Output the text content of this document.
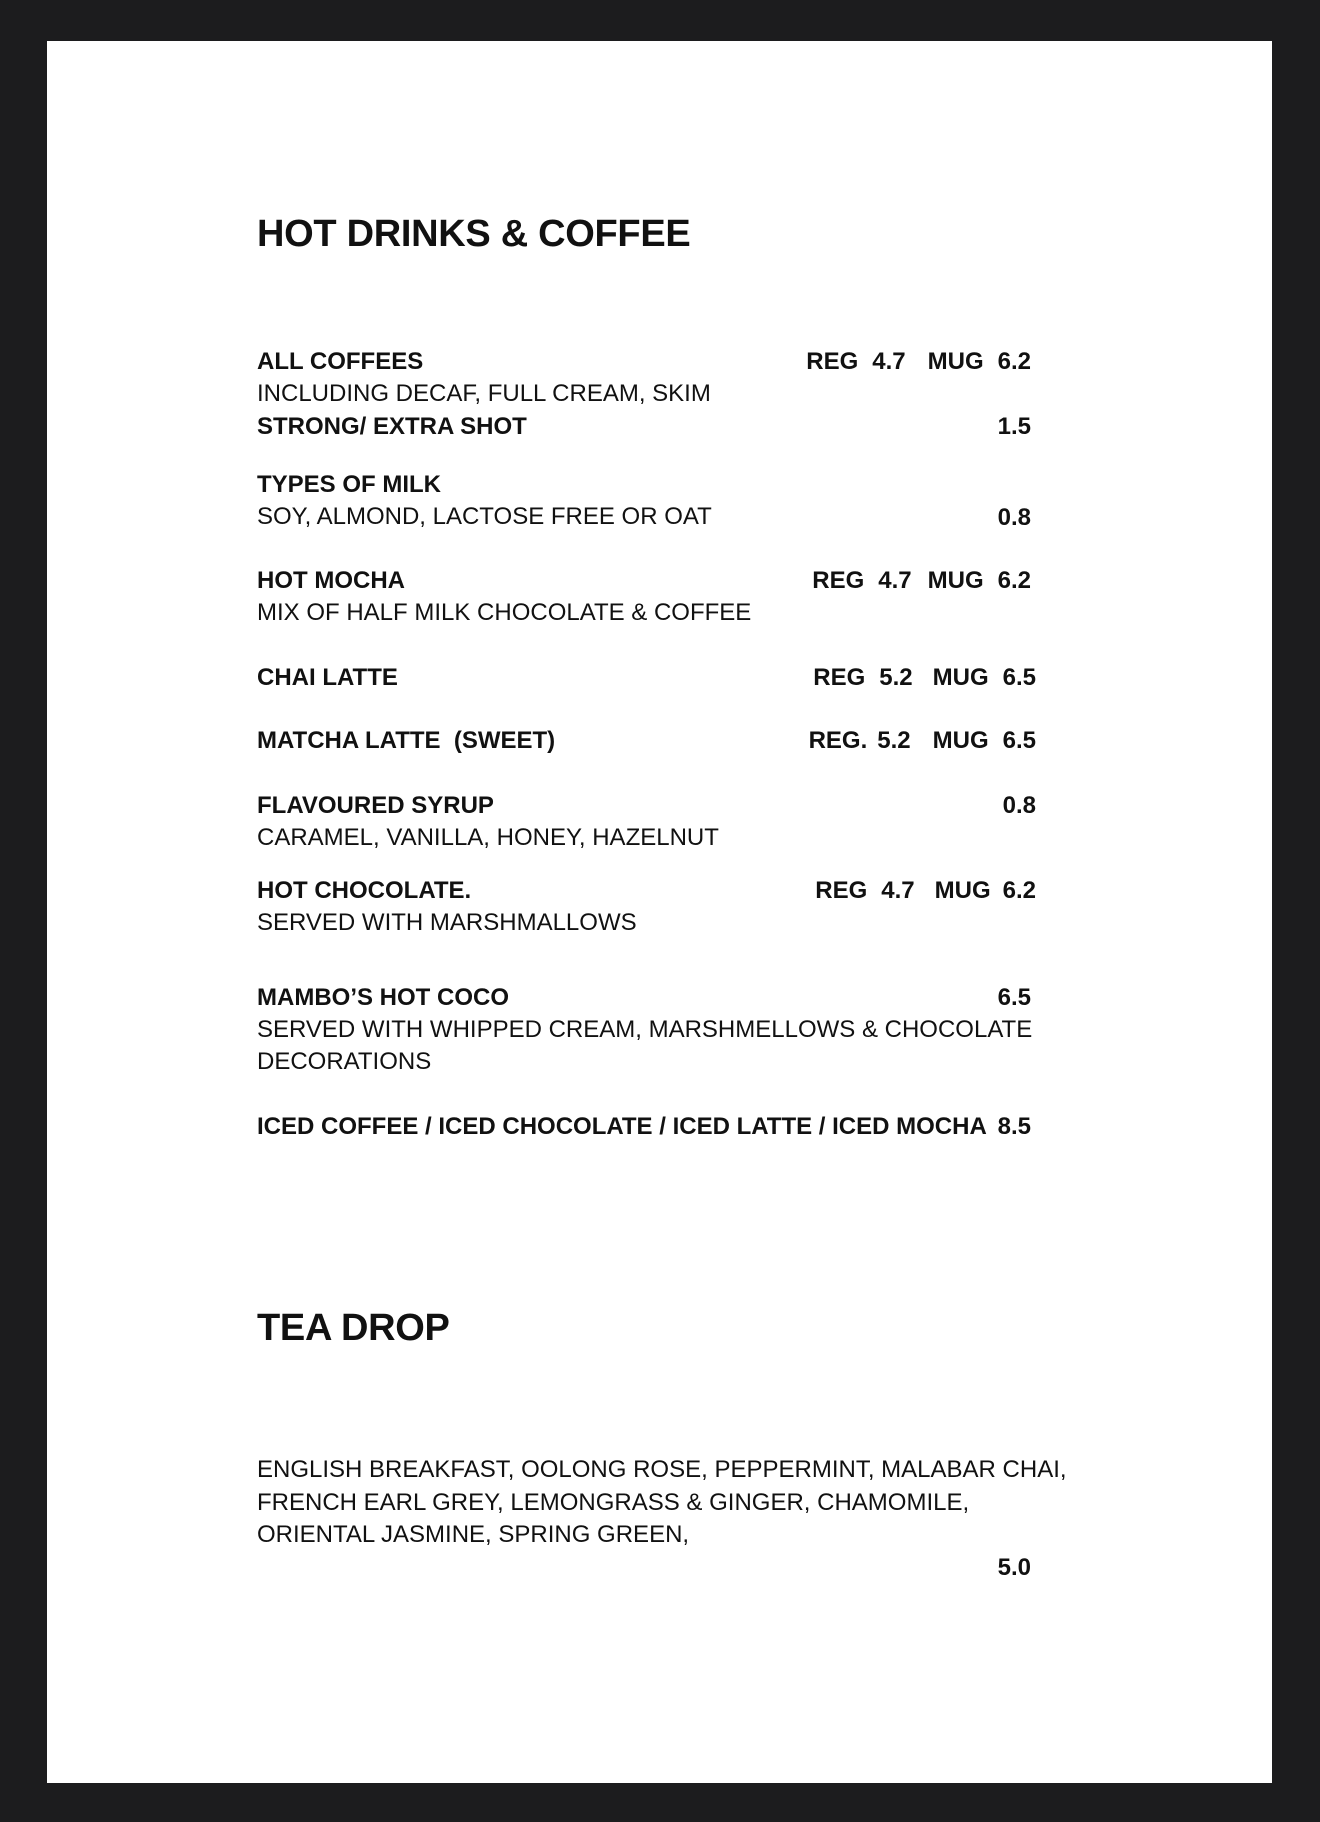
HOT DRINKS & COFFEE
ALL COFFEES	REG 4.7 MUG 6.2
INCLUDING DECAF, FULL CREAM, SKIM
STRONG/ EXTRA SHOT	1.5
TYPES OF MILK
SOY, ALMOND, LACTOSE FREE OR OAT	0.8
HOT MOCHA	REG 4.7 MUG 6.2
MIX OF HALF MILK CHOCOLATE & COFFEE
CHAI LATTE	REG 5.2 MUG 6.5
MATCHA LATTE  (SWEET)	REG. 5.2 MUG 6.5
FLAVOURED SYRUP	0.8
CARAMEL, VANILLA, HONEY, HAZELNUT
HOT CHOCOLATE.	REG 4.7 MUG 6.2
SERVED WITH MARSHMALLOWS
MAMBO’S HOT COCO	6.5
SERVED WITH WHIPPED CREAM, MARSHMELLOWS & CHOCOLATE
DECORATIONS
ICED COFFEE / ICED CHOCOLATE / ICED LATTE / ICED MOCHA 8.5
TEA DROP
ENGLISH BREAKFAST, OOLONG ROSE, PEPPERMINT, MALABAR CHAI,
FRENCH EARL GREY, LEMONGRASS & GINGER, CHAMOMILE,
ORIENTAL JASMINE, SPRING GREEN,
5.0
